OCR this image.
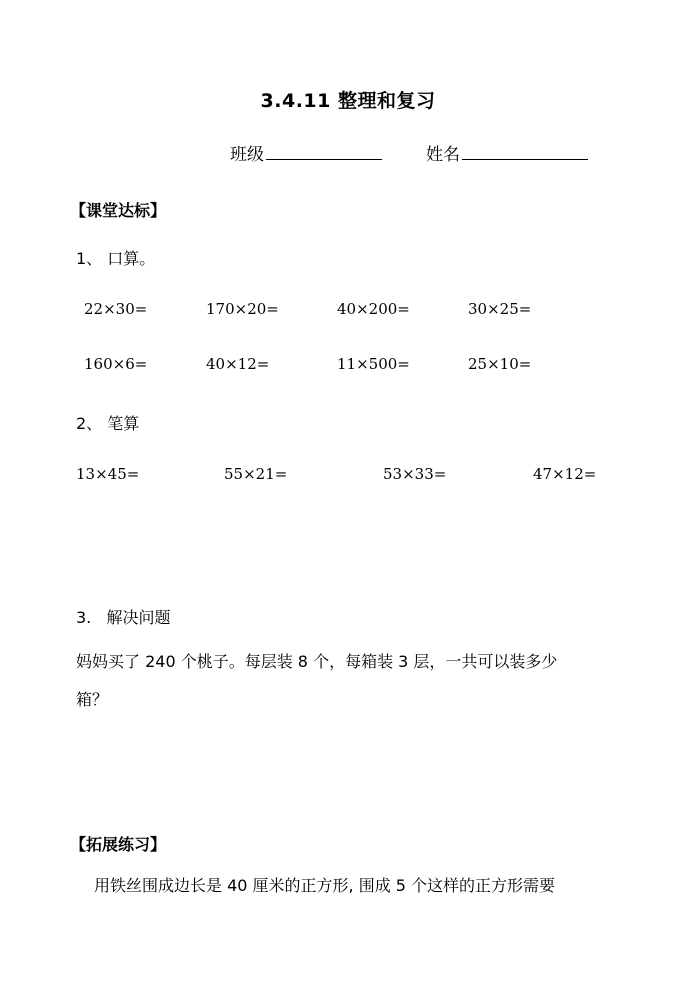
3.4.11 整理和复习
班级	姓名
【课堂达标】
1、 口算。
22×30=	170×20=	40×200=	30×25=
160×6=	40×12=	11×500=	25×10=
2、 笔算
13×45=	55×21=	53×33=	47×12=
3.   解决问题
妈妈买了 240 个桃子。每层装 8 个，每箱装 3 层，一共可以装多少
箱？
【拓展练习】
用铁丝围成边长是 40 厘米的正方形, 围成 5 个这样的正方形需要
